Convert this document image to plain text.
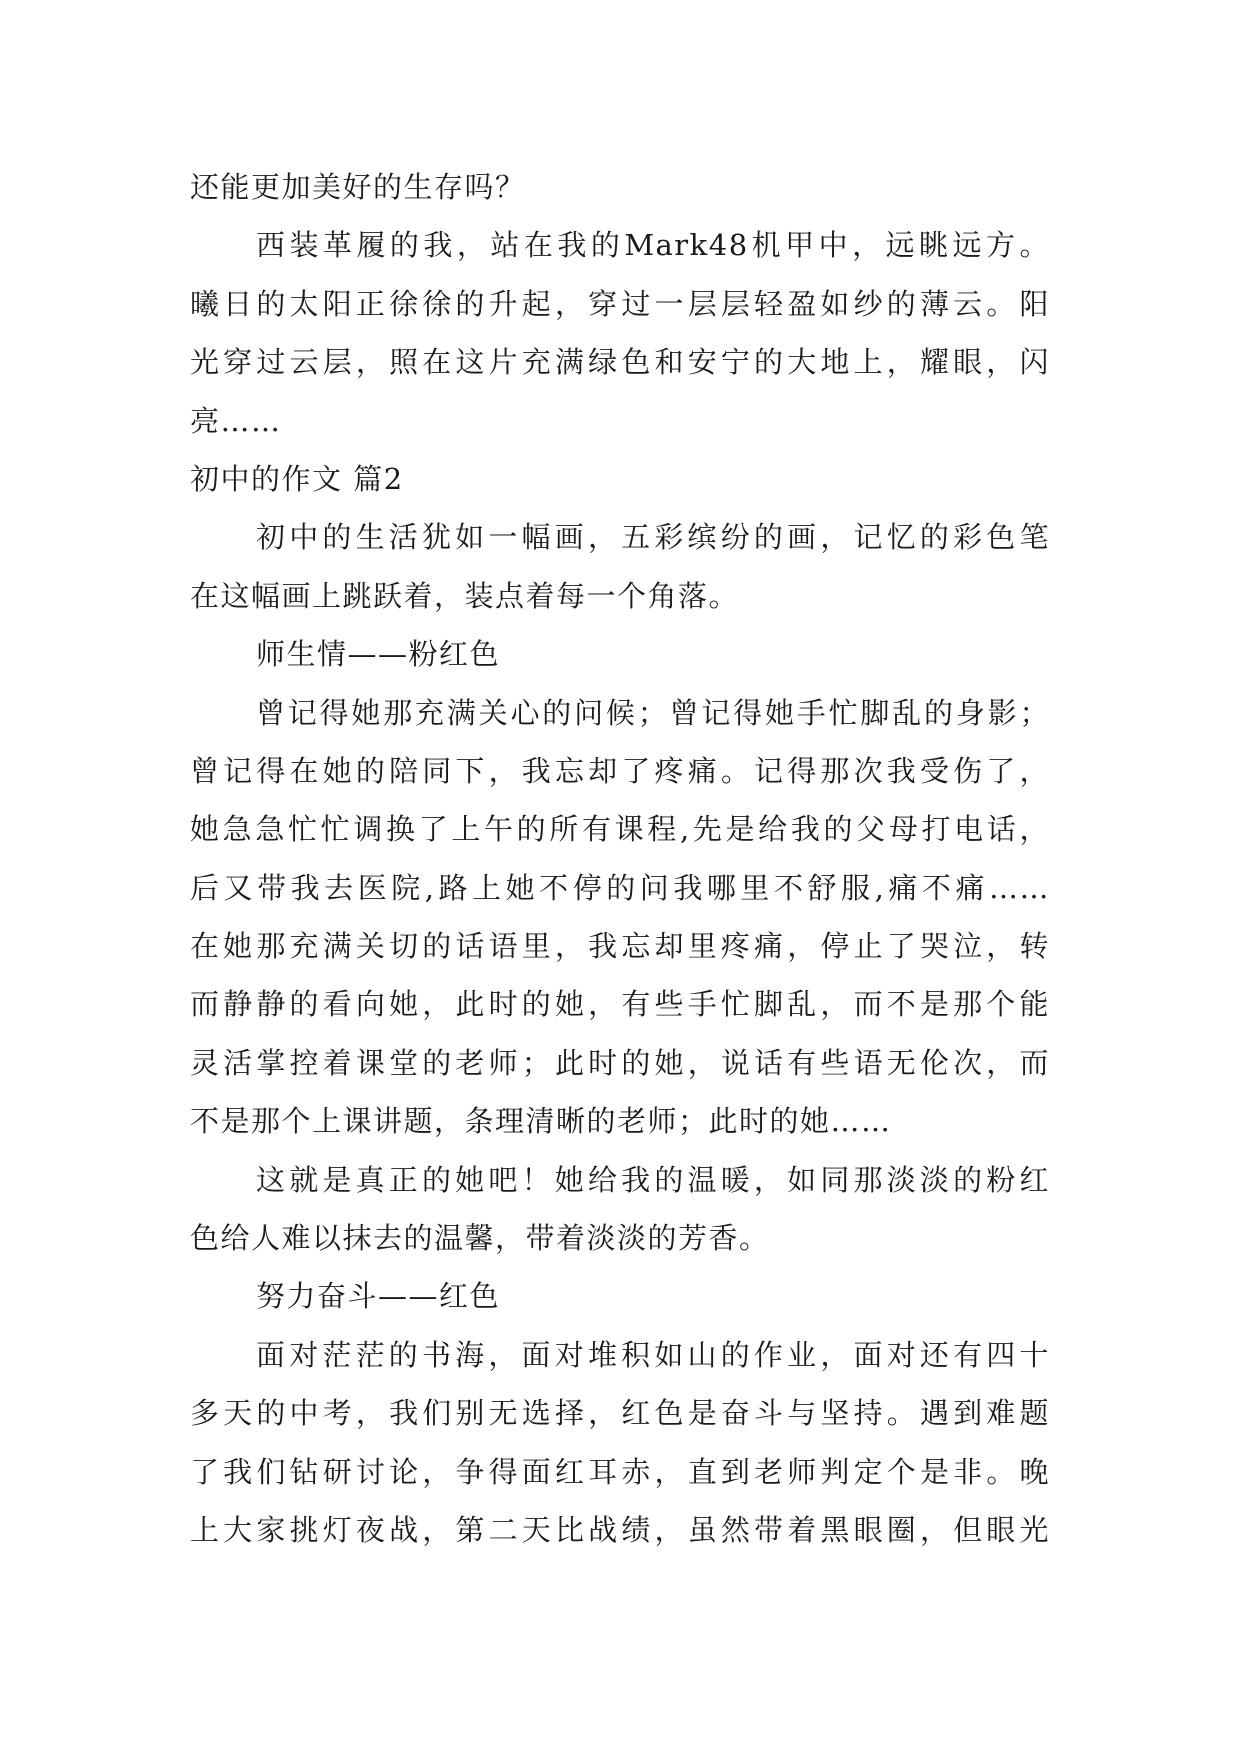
还能更加美好的生存吗？
西装革履的我，站在我的Mark48机甲中，远眺远方。
曦日的太阳正徐徐的升起，穿过一层层轻盈如纱的薄云。阳
光穿过云层，照在这片充满绿色和安宁的大地上，耀眼，闪
亮……
初中的作文 篇2
初中的生活犹如一幅画，五彩缤纷的画，记忆的彩色笔
在这幅画上跳跃着，装点着每一个角落。
师生情——粉红色
曾记得她那充满关心的问候；曾记得她手忙脚乱的身影；
曾记得在她的陪同下，我忘却了疼痛。记得那次我受伤了，
她急急忙忙调换了上午的所有课程,先是给我的父母打电话，
后又带我去医院,路上她不停的问我哪里不舒服,痛不痛……
在她那充满关切的话语里，我忘却里疼痛，停止了哭泣，转
而静静的看向她，此时的她，有些手忙脚乱，而不是那个能
灵活掌控着课堂的老师；此时的她，说话有些语无伦次，而
不是那个上课讲题，条理清晰的老师；此时的她……
这就是真正的她吧！她给我的温暖，如同那淡淡的粉红
色给人难以抹去的温馨，带着淡淡的芳香。
努力奋斗——红色
面对茫茫的书海，面对堆积如山的作业，面对还有四十
多天的中考，我们别无选择，红色是奋斗与坚持。遇到难题
了我们钻研讨论，争得面红耳赤，直到老师判定个是非。晚
上大家挑灯夜战，第二天比战绩，虽然带着黑眼圈，但眼光
